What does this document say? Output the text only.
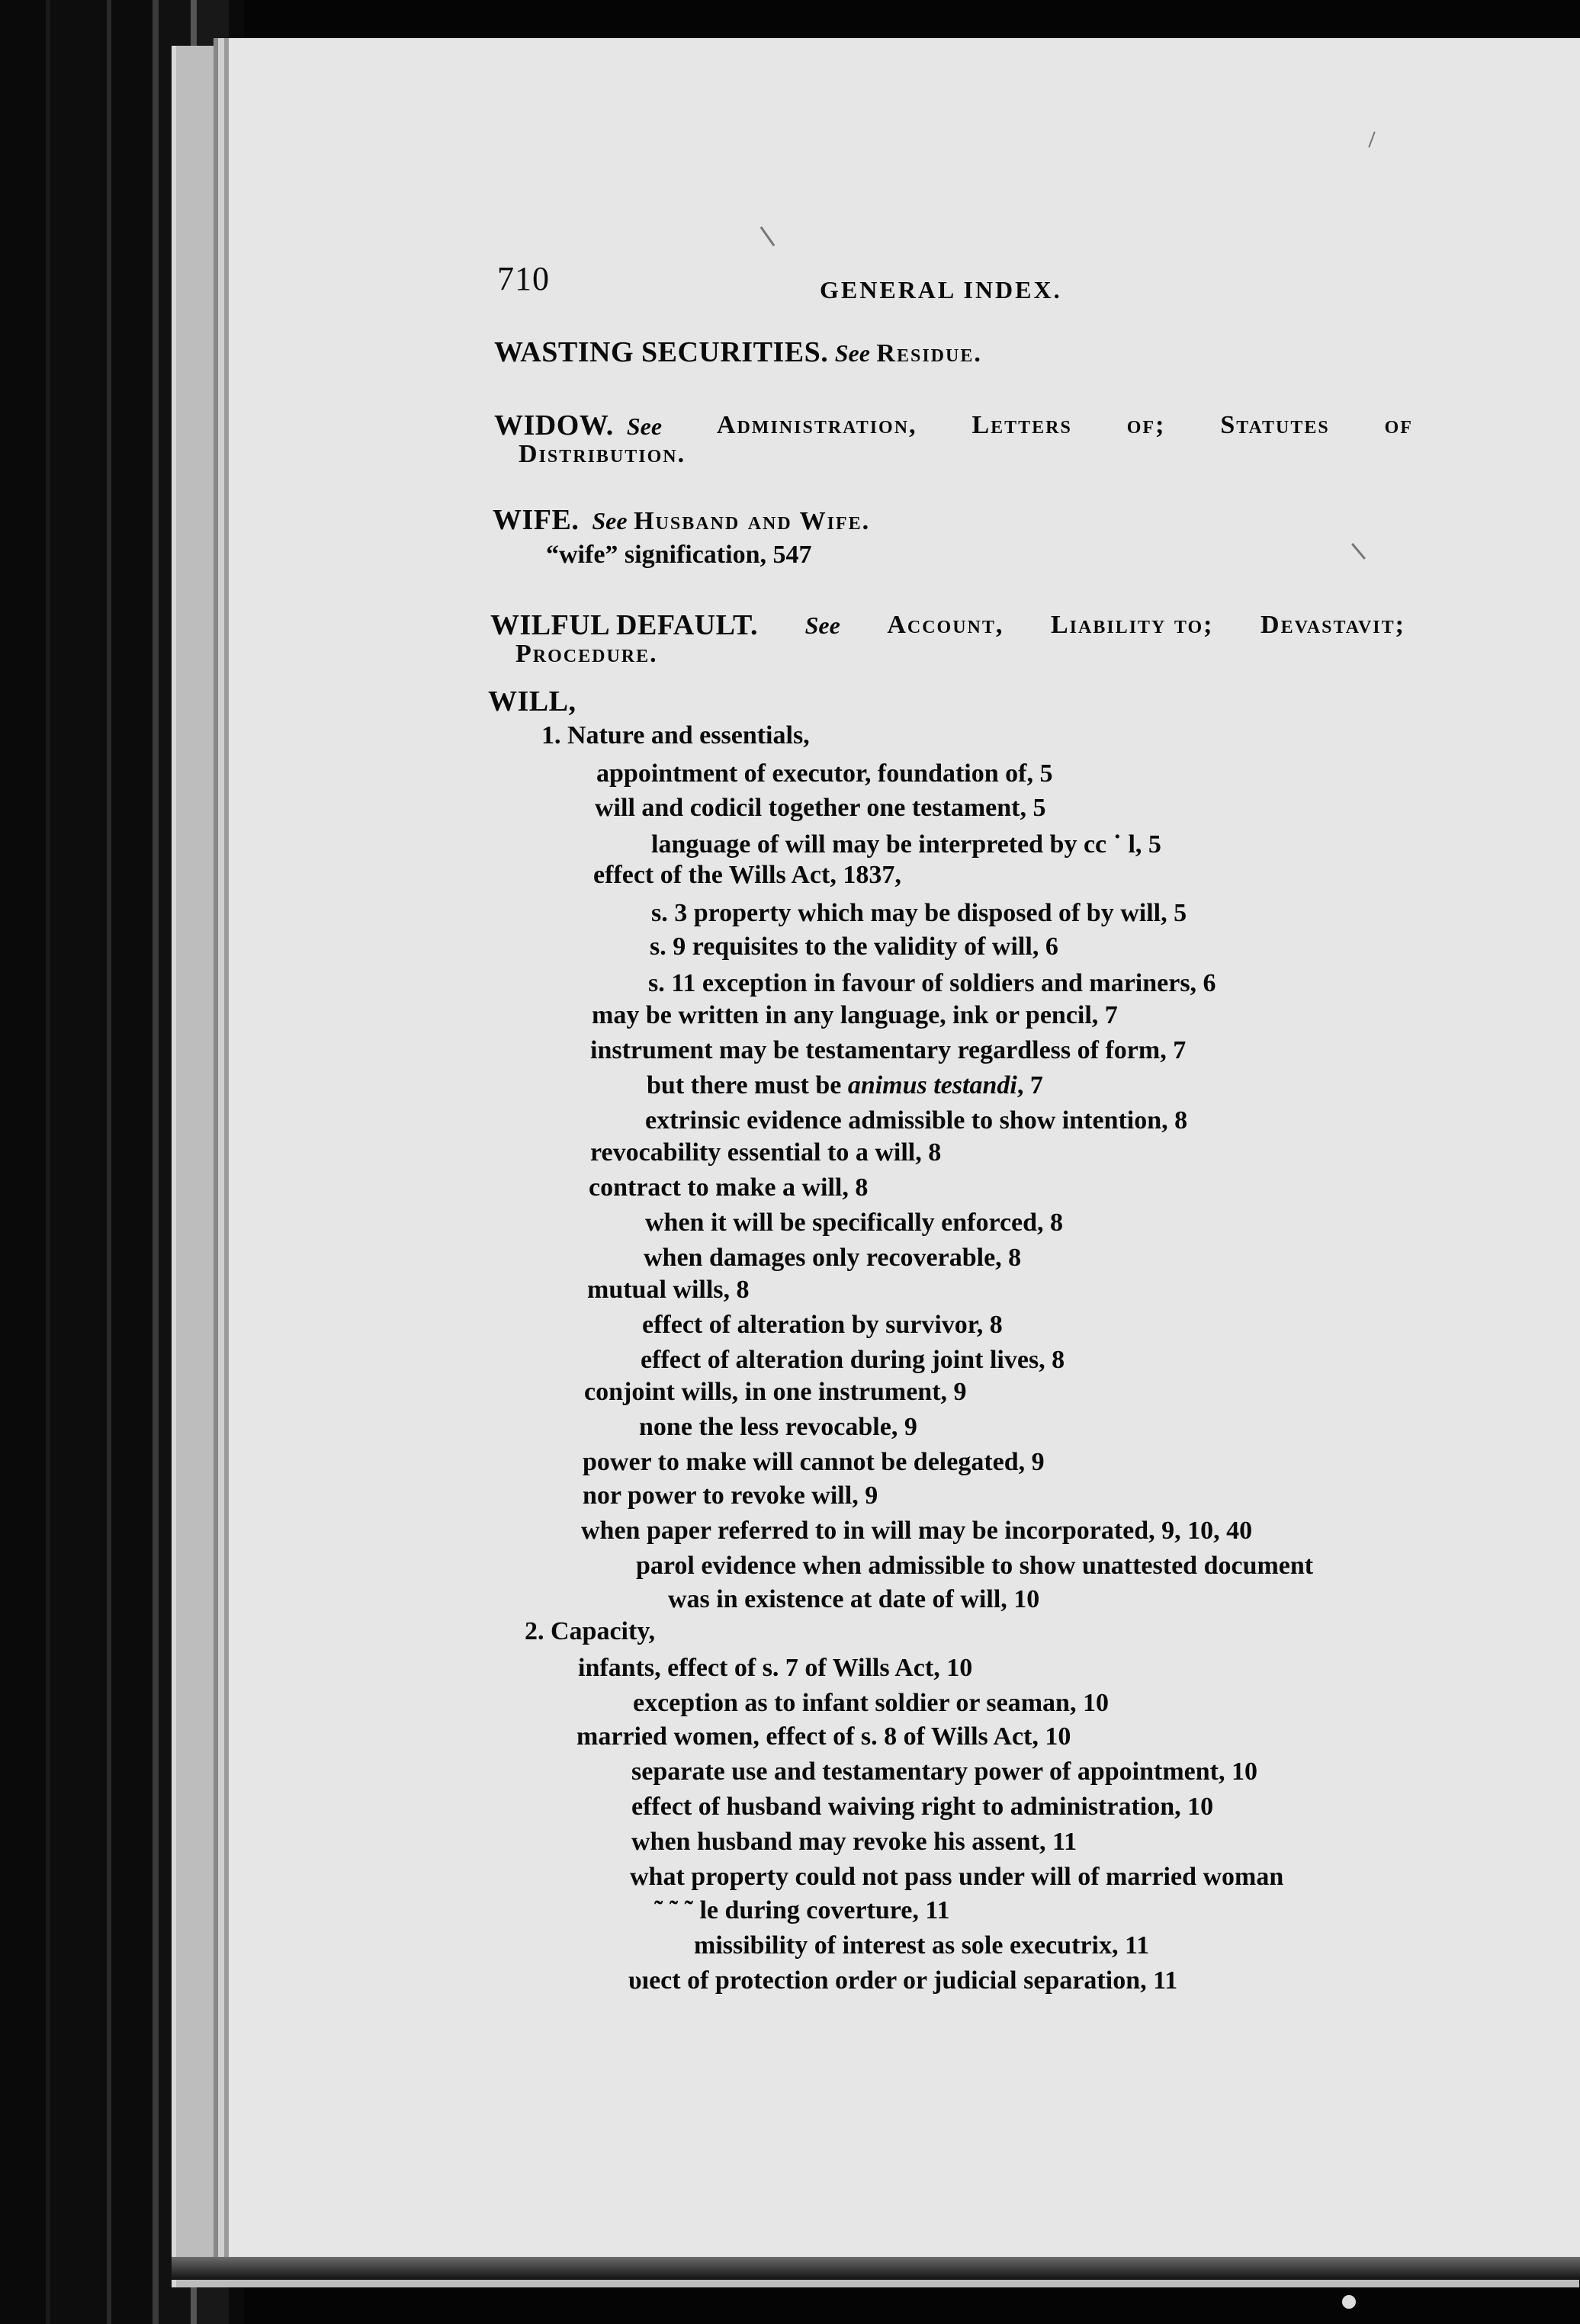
710	GENERAL INDEX.
WASTING SECURITIES. See Residue.
WIDOW. See Administration, Letters of; Statutes of
Distribution.
WIFE. See Husband and Wife.
“wife” signification, 547
WILFUL DEFAULT. See Account, Liability to; Devastavit;
Procedure.
WILL,
1. Nature and essentials,
appointment of executor, foundation of, 5
will and codicil together one testament, 5
language of will may be interpreted by cc ˙ l, 5
effect of the Wills Act, 1837,
s. 3 property which may be disposed of by will, 5
s. 9 requisites to the validity of will, 6
s. 11 exception in favour of soldiers and mariners, 6
may be written in any language, ink or pencil, 7
instrument may be testamentary regardless of form, 7
but there must be animus testandi, 7
extrinsic evidence admissible to show intention, 8
revocability essential to a will, 8
contract to make a will, 8
when it will be specifically enforced, 8
when damages only recoverable, 8
mutual wills, 8
effect of alteration by survivor, 8
effect of alteration during joint lives, 8
conjoint wills, in one instrument, 9
none the less revocable, 9
power to make will cannot be delegated, 9
nor power to revoke will, 9
when paper referred to in will may be incorporated, 9, 10, 40
parol evidence when admissible to show unattested document
was in existence at date of will, 10
2. Capacity,
infants, effect of s. 7 of Wills Act, 10
exception as to infant soldier or seaman, 10
married women, effect of s. 8 of Wills Act, 10
separate use and testamentary power of appointment, 10
effect of husband waiving right to administration, 10
when husband may revoke his assent, 11
what property could not pass under will of married woman
˜ ˜ ˜ le during coverture, 11
missibility of interest as sole executrix, 11
υıect of protection order or judicial separation, 11
